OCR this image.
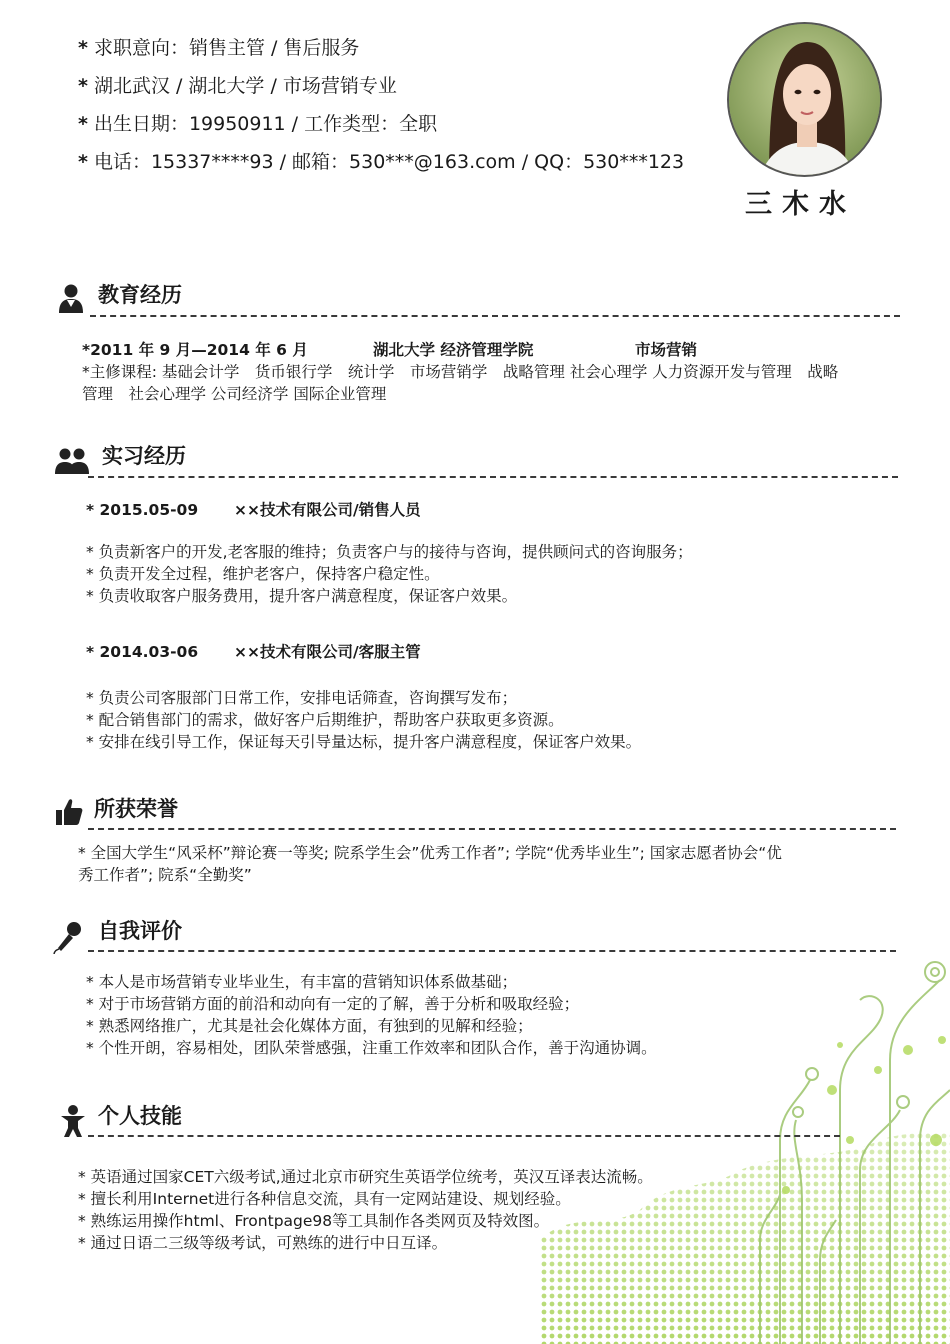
* 求职意向：销售主管 / 售后服务
* 湖北武汉 / 湖北大学 / 市场营销专业
* 出生日期：19950911 / 工作类型：全职
* 电话：15337****93 / 邮箱：530***@163.com / QQ：530***123
三木水
教育经历
*2011 年 9 月—2014 年 6 月	湖北大学 经济管理学院	市场营销
*主修课程: 基础会计学　货币银行学　统计学　市场营销学　战略管理 社会心理学 人力资源开发与管理　战略
管理　社会心理学 公司经济学 国际企业管理
实习经历
* 2015.05-09 ××技术有限公司/销售人员
* 负责新客户的开发,老客服的维持；负责客户与的接待与咨询，提供顾问式的咨询服务；
* 负责开发全过程，维护老客户，保持客户稳定性。
* 负责收取客户服务费用，提升客户满意程度，保证客户效果。
* 2014.03-06 ××技术有限公司/客服主管
* 负责公司客服部门日常工作，安排电话筛查，咨询撰写发布；
* 配合销售部门的需求，做好客户后期维护，帮助客户获取更多资源。
* 安排在线引导工作，保证每天引导量达标，提升客户满意程度，保证客户效果。
所获荣誉
* 全国大学生“风采杯”辩论赛一等奖; 院系学生会”优秀工作者”; 学院“优秀毕业生”; 国家志愿者协会“优
秀工作者”; 院系“全勤奖”
自我评价
* 本人是市场营销专业毕业生，有丰富的营销知识体系做基础；
* 对于市场营销方面的前沿和动向有一定的了解，善于分析和吸取经验；
* 熟悉网络推广，尤其是社会化媒体方面，有独到的见解和经验；
* 个性开朗，容易相处，团队荣誉感强，注重工作效率和团队合作，善于沟通协调。
个人技能
* 英语通过国家CET六级考试,通过北京市研究生英语学位统考，英汉互译表达流畅。
* 擅长利用Internet进行各种信息交流，具有一定网站建设、规划经验。
* 熟练运用操作html、Frontpage98等工具制作各类网页及特效图。
* 通过日语二三级等级考试，可熟练的进行中日互译。
